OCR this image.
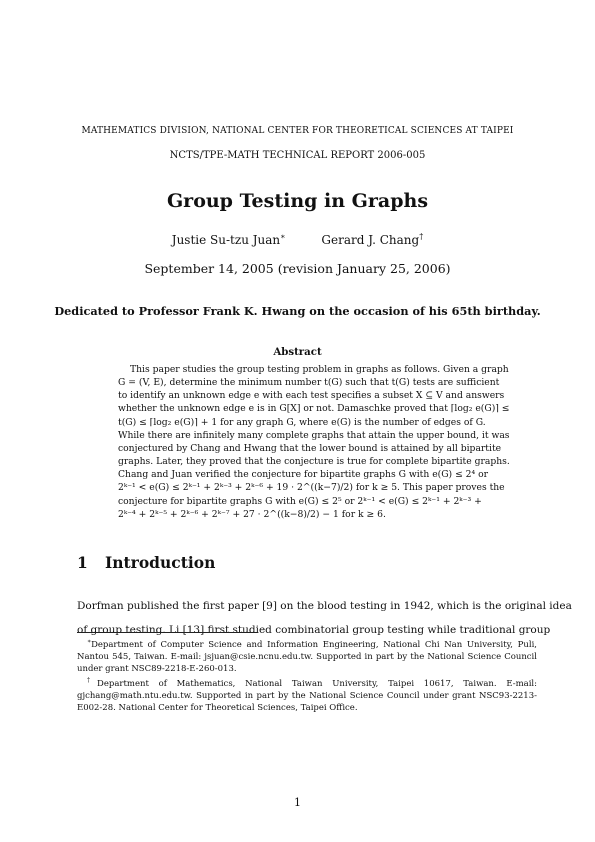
MATHEMATICS DIVISION, NATIONAL CENTER FOR THEORETICAL SCIENCES AT TAIPEI
NCTS/TPE-MATH TECHNICAL REPORT 2006-005
Group Testing in Graphs
Justie Su-tzu Juan∗	Gerard J. Chang†
September 14, 2005 (revision January 25, 2006)
Dedicated to Professor Frank K. Hwang on the occasion of his 65th birthday.
Abstract
This paper studies the group testing problem in graphs as follows. Given a graph
G = (V, E), determine the minimum number t(G) such that t(G) tests are sufficient
to identify an unknown edge e with each test specifies a subset X ⊆ V and answers
whether the unknown edge e is in G[X] or not. Damaschke proved that ⌈log₂ e(G)⌉ ≤
t(G) ≤ ⌈log₂ e(G)⌉ + 1 for any graph G, where e(G) is the number of edges of G.
While there are infinitely many complete graphs that attain the upper bound, it was
conjectured by Chang and Hwang that the lower bound is attained by all bipartite
graphs. Later, they proved that the conjecture is true for complete bipartite graphs.
Chang and Juan verified the conjecture for bipartite graphs G with e(G) ≤ 2⁴ or
2ᵏ⁻¹ < e(G) ≤ 2ᵏ⁻¹ + 2ᵏ⁻³ + 2ᵏ⁻⁶ + 19 · 2^((k−7)/2) for k ≥ 5. This paper proves the
conjecture for bipartite graphs G with e(G) ≤ 2⁵ or 2ᵏ⁻¹ < e(G) ≤ 2ᵏ⁻¹ + 2ᵏ⁻³ +
2ᵏ⁻⁴ + 2ᵏ⁻⁵ + 2ᵏ⁻⁶ + 2ᵏ⁻⁷ + 27 · 2^((k−8)/2) − 1 for k ≥ 6.
1 Introduction
Dorfman published the first paper [9] on the blood testing in 1942, which is the original idea
of group testing. Li [13] first studied combinatorial group testing while traditional group
∗Department of Computer Science and Information Engineering, National Chi Nan University, Puli,
Nantou 545, Taiwan. E-mail: jsjuan@csie.ncnu.edu.tw. Supported in part by the National Science Council
under grant NSC89-2218-E-260-013.
†Department of Mathematics, National Taiwan University, Taipei 10617, Taiwan. E-mail:
gjchang@math.ntu.edu.tw. Supported in part by the National Science Council under grant NSC93-2213-
E002-28. National Center for Theoretical Sciences, Taipei Office.
1
